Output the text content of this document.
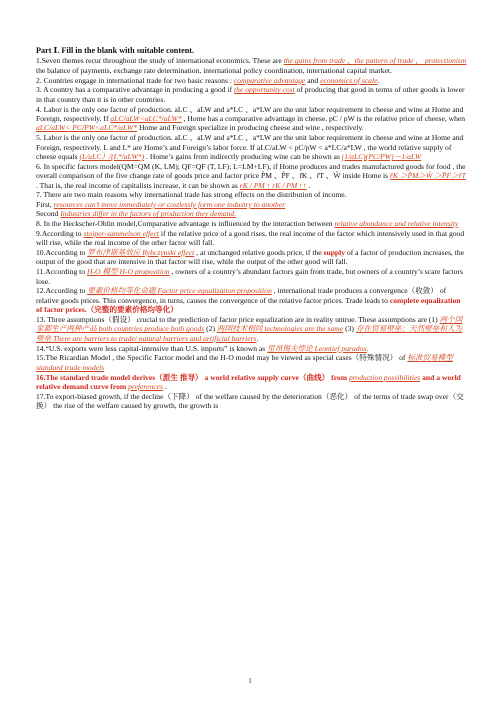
Part Ⅰ. Fill in the blank with suitable content.

1.Seven themes recur throughout the study of international economics. These are the gains from trade ，the pattern of trade ， protectionism the balance of payments, exchange rate determination, international policy coordination, international capital market.

2. Countries engage in international trade for two basic reasons : comparative advantage and economics of scale.

3. A country has a comparative advantage in producing a good if the opportunity cost of producing that good in terms of other goods is lower in that country than it is in other countries.

4. Labor is the only one factor of production. aLC 、aLW and a*LC 、a*LW are the unit labor requirement in cheese and wine at Home and Foreign, respectively. If aLC/aLW<aLC*/aLW* , Home has a comparative advantage in cheese. pC / pW is the relative price of cheese, when aLC/aLW< PC/PW<aLC*/aLW* Home and Foreign specialize in producing cheese and wine , respectively.

5. Labor is the only one factor of production. aLC 、aLW and a*LC 、a*LW are the unit labor requirement in cheese and wine at Home and Foreign, respectively. L and L* are Home’s and Foreign’s labor force. If aLC/aLW < pC/pW < a*LC/a*LW , the world relative supply of cheese equals (L/aLC）/(L*/aLW*) . Home’s gains from indirectly producing wine can be shown as (1/aLC)(PC/PW)－1/aLW

6. In specific factors model(QM=QM (K, LM); QF=QF (T, LF); L=LM+LF), if Home produces and trades manufactured goods for food , the overall comparison of the five change rate of goods price and factor price P̂M 、P̂F 、r̂K 、r̂T 、Ŵ inside Home is r̂K ＞P̂M＞Ŵ ＞P̂F＞r̂T . That is, the real income of capitalists increase, it can be shown as rK / PM ↑ rK / PM ↑↑ .

7. There are two main reasons why international trade has strong effects on the distribution of income.
First, resources can’t move immediately or costlessly form one industry to another
Second Industries differ in the factors of production they demand.

8. In the Heckscher-Ohlin model,Comparative advantage is influenced by the interaction between relative abundance and relative intensity

9.According to stolper-sammelson effect if the relative price of a good rises, the real income of the factor which intensively used in that good will rise, while the real income of the other factor will fall.

10.According to 罗布津斯基效应 Rybczynski effect , at unchanged relative goods price, if the supply of a factor of production increases, the output of the good that are intensive in that factor will rise, while the output of the other good will fall.

11.According to H-O 模型 H-O proposition , owners of a country’s abundant factors gain from trade, but owners of a country’s scare factors lose.

12.According to 要素价格均等化命题 Factor price equalization proposition , international trade produces a convergence（收敛） of relative goods prices. This convergence, in turns, causes the convergence of the relative factor prices. Trade leads to complete equalization of factor prices.（完整的要素价格均等化）

13. Three assumptions（假设） crucial to the prediction of factor price equalization are in reality untrue. These assumptions are (1) 两个国家都生产两种产品 both countries produce both goods (2) 两国技术相同 technologies are the same (3) 存在贸易壁垒；天然壁垒和人为壁垒 There are barriers to trade/ natural barriers and artificial barriers.

14.“U.S. exports were less capital-intensive than U.S. imports” is known as 里昂惕夫悖论 Leontief paradox.

15.The Ricardian Model , the Specific Factor model and the H-O model may be viewed as special cases（特殊情况） of 标准贸易模型 standard trade models

16.The standard trade model derives（派生 推导） a world relative supply curve（曲线） from production possibilities and a world relative demand curve from preferences .

17.To export-biased growth, if the decline（下降） of the welfare caused by the deterioration（恶化） of the terms of trade swap over（交换） the rise of the welfare caused by growth, the growth is

1
